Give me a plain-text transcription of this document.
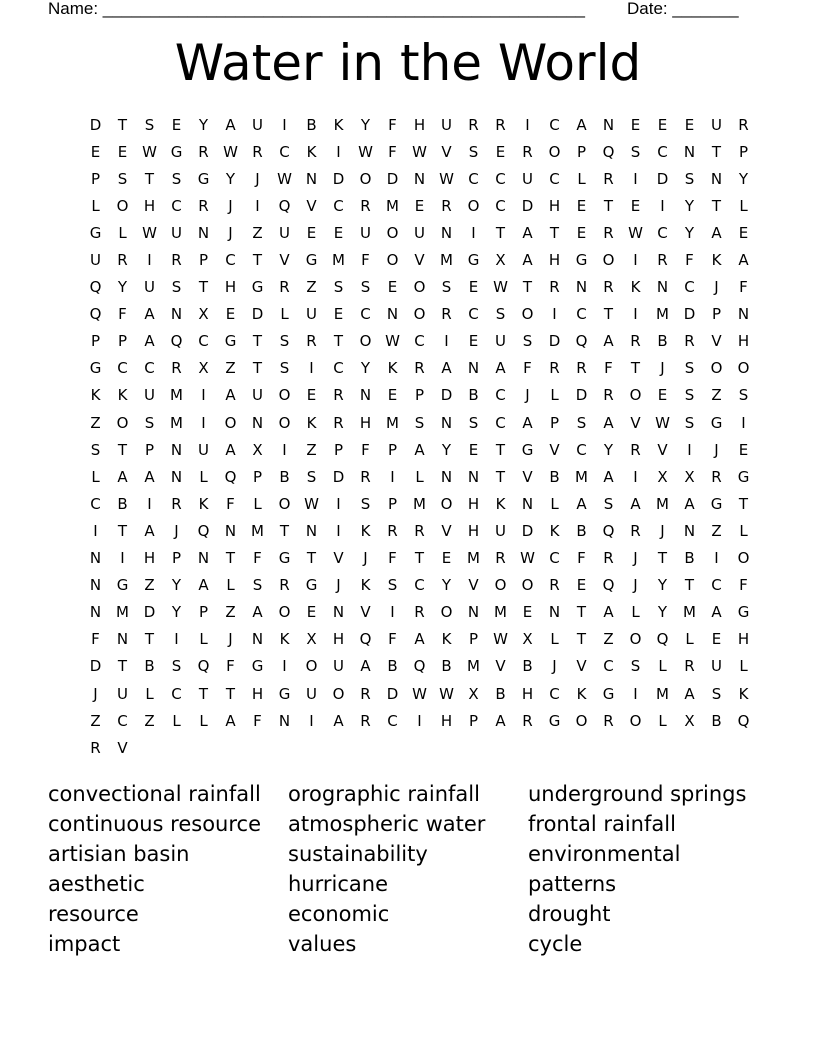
Name: ___________________________________________________ Date: _______
Water in the World
D	T	S	E	Y	A	U	I	B	K	Y	F	H	U	R	R	I	C	A	N	E	E	E	U	R
E	E W G	R W R	C	K	I	W	F	W V	S	E	R	O	P	Q	S	C	N	T	P
P	S	T	S	G	Y	J	W N	D	O	D	N W C	C	U	C	L	R	I	D	S	N	Y
L	O	H	C	R	J	I	Q	V	C	R	M	E	R	O	C	D	H	E	T	E	I	Y	T	L
G	L	W U	N	J	Z	U	E	E	U	O	U	N	I	T	A	T	E	R W C	Y	A	E
U	R	I	R	P	C	T	V	G M	F	O	V	M G	X	A	H	G	O	I	R	F	K	A
Q	Y	U	S	T	H	G	R	Z	S	S	E	O	S	E W T	R	N	R	K	N	C	J	F
Q	F	A	N	X	E	D	L	U	E	C	N	O	R	C	S	O	I	C	T	I	M D	P	N
P	P	A	Q	C	G	T	S	R	T	O W C	I	E	U	S	D	Q	A	R	B	R	V	H
G	C	C	R	X	Z	T	S	I	C	Y	K	R	A	N	A	F	R	R	F	T	J	S	O	O
K	K	U	M	I	A	U	O	E	R	N	E	P	D	B	C	J	L	D	R	O	E	S	Z	S
Z	O	S	M	I	O	N	O	K	R	H M	S	N	S	C	A	P	S	A	V W S	G	I
S	T	P	N	U	A	X	I	Z	P	F	P	A	Y	E	T	G	V	C	Y	R	V	I	J	E
L	A	A	N	L	Q	P	B	S	D	R	I	L	N	N	T	V	B	M	A	I	X	X	R	G
C	B	I	R	K	F	L	O W	I	S	P	M O	H	K	N	L	A	S	A	M	A	G	T
I	T	A	J	Q	N M	T	N	I	K	R	R	V	H	U	D	K	B	Q	R	J	N	Z	L
N	I	H	P	N	T	F	G	T	V	J	F	T	E	M	R W C	F	R	J	T	B	I	O
N	G	Z	Y	A	L	S	R	G	J	K	S	C	Y	V	O	O	R	E	Q	J	Y	T	C	F
N M D	Y	P	Z	A	O	E	N	V	I	R	O	N M	E	N	T	A	L	Y	M	A	G
F	N	T	I	L	J	N	K	X	H	Q	F	A	K	P	W X	L	T	Z	O	Q	L	E	H
D	T	B	S	Q	F	G	I	O	U	A	B	Q	B	M	V	B	J	V	C	S	L	R	U	L
J	U	L	C	T	T	H	G	U	O	R	D W W X	B	H	C	K	G	I	M	A	S	K
Z	C	Z	L	L	A	F	N	I	A	R	C	I	H	P	A	R	G	O	R	O	L	X	B	Q
R	V
convectional rainfall	orographic rainfall	underground springs
continuous resource	atmospheric water	frontal rainfall
artisian basin	sustainability	environmental
aesthetic	hurricane	patterns
resource	economic	drought
impact	values	cycle
